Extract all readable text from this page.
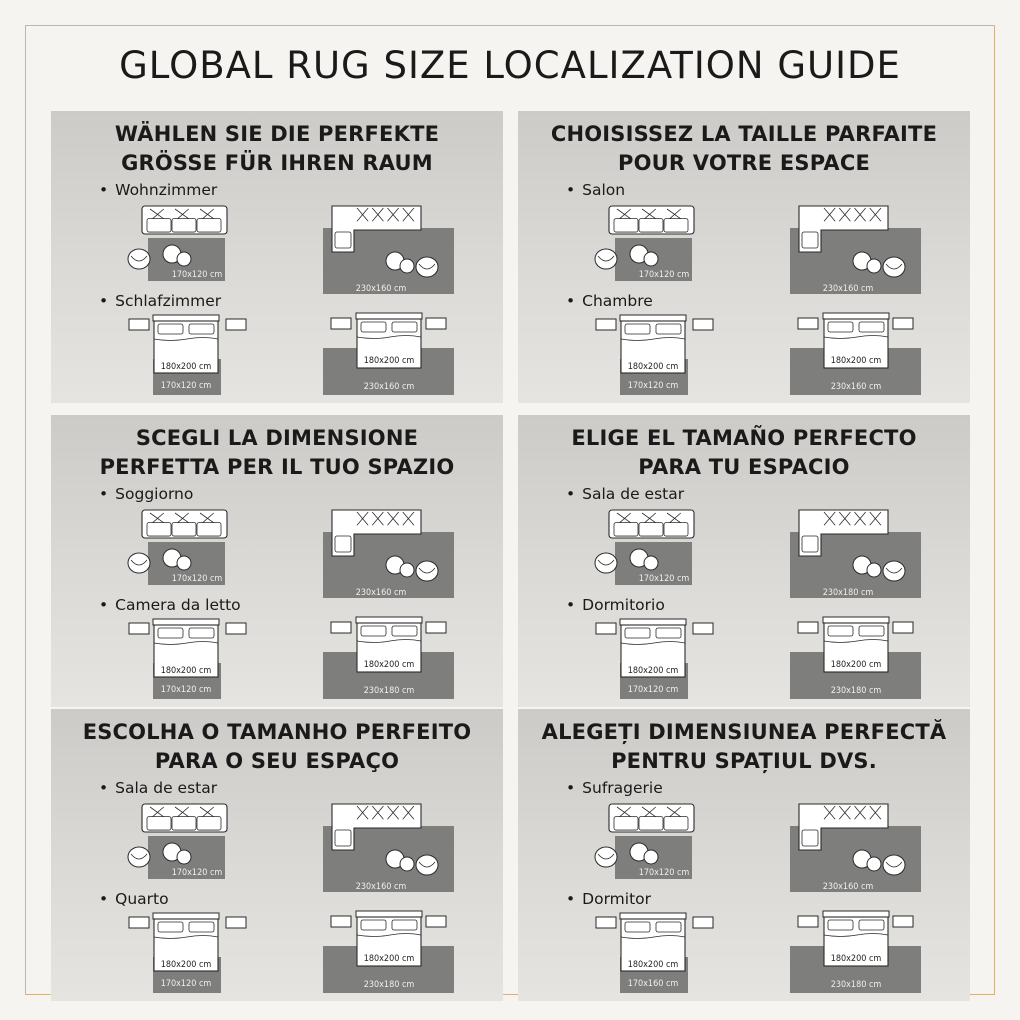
GLOBAL RUG SIZE LOCALIZATION GUIDE
WÄHLEN SIE DIE PERFEKTE
GRÖSSE FÜR IHREN RAUM
• Wohnzimmer
• Schlafzimmer
170x120 cm
230x160 cm
180x200 cm
170x120 cm
180x200 cm
230x160 cm
CHOISISSEZ LA TAILLE PARFAITE
POUR VOTRE ESPACE
• Salon
• Chambre
170x120 cm
230x160 cm
180x200 cm
170x120 cm
180x200 cm
230x160 cm
SCEGLI LA DIMENSIONE
PERFETTA PER IL TUO SPAZIO
• Soggiorno
• Camera da letto
170x120 cm
230x160 cm
180x200 cm
170x120 cm
180x200 cm
230x180 cm
ELIGE EL TAMAÑO PERFECTO
PARA TU ESPACIO
• Sala de estar
• Dormitorio
170x120 cm
230x180 cm
180x200 cm
170x120 cm
180x200 cm
230x180 cm
ESCOLHA O TAMANHO PERFEITO
PARA O SEU ESPAÇO
• Sala de estar
• Quarto
170x120 cm
230x160 cm
180x200 cm
170x120 cm
180x200 cm
230x180 cm
ALEGEȚI DIMENSIUNEA PERFECTĂ
PENTRU SPAȚIUL DVS.
• Sufragerie
• Dormitor
170x120 cm
230x160 cm
180x200 cm
170x160 cm
180x200 cm
230x180 cm
